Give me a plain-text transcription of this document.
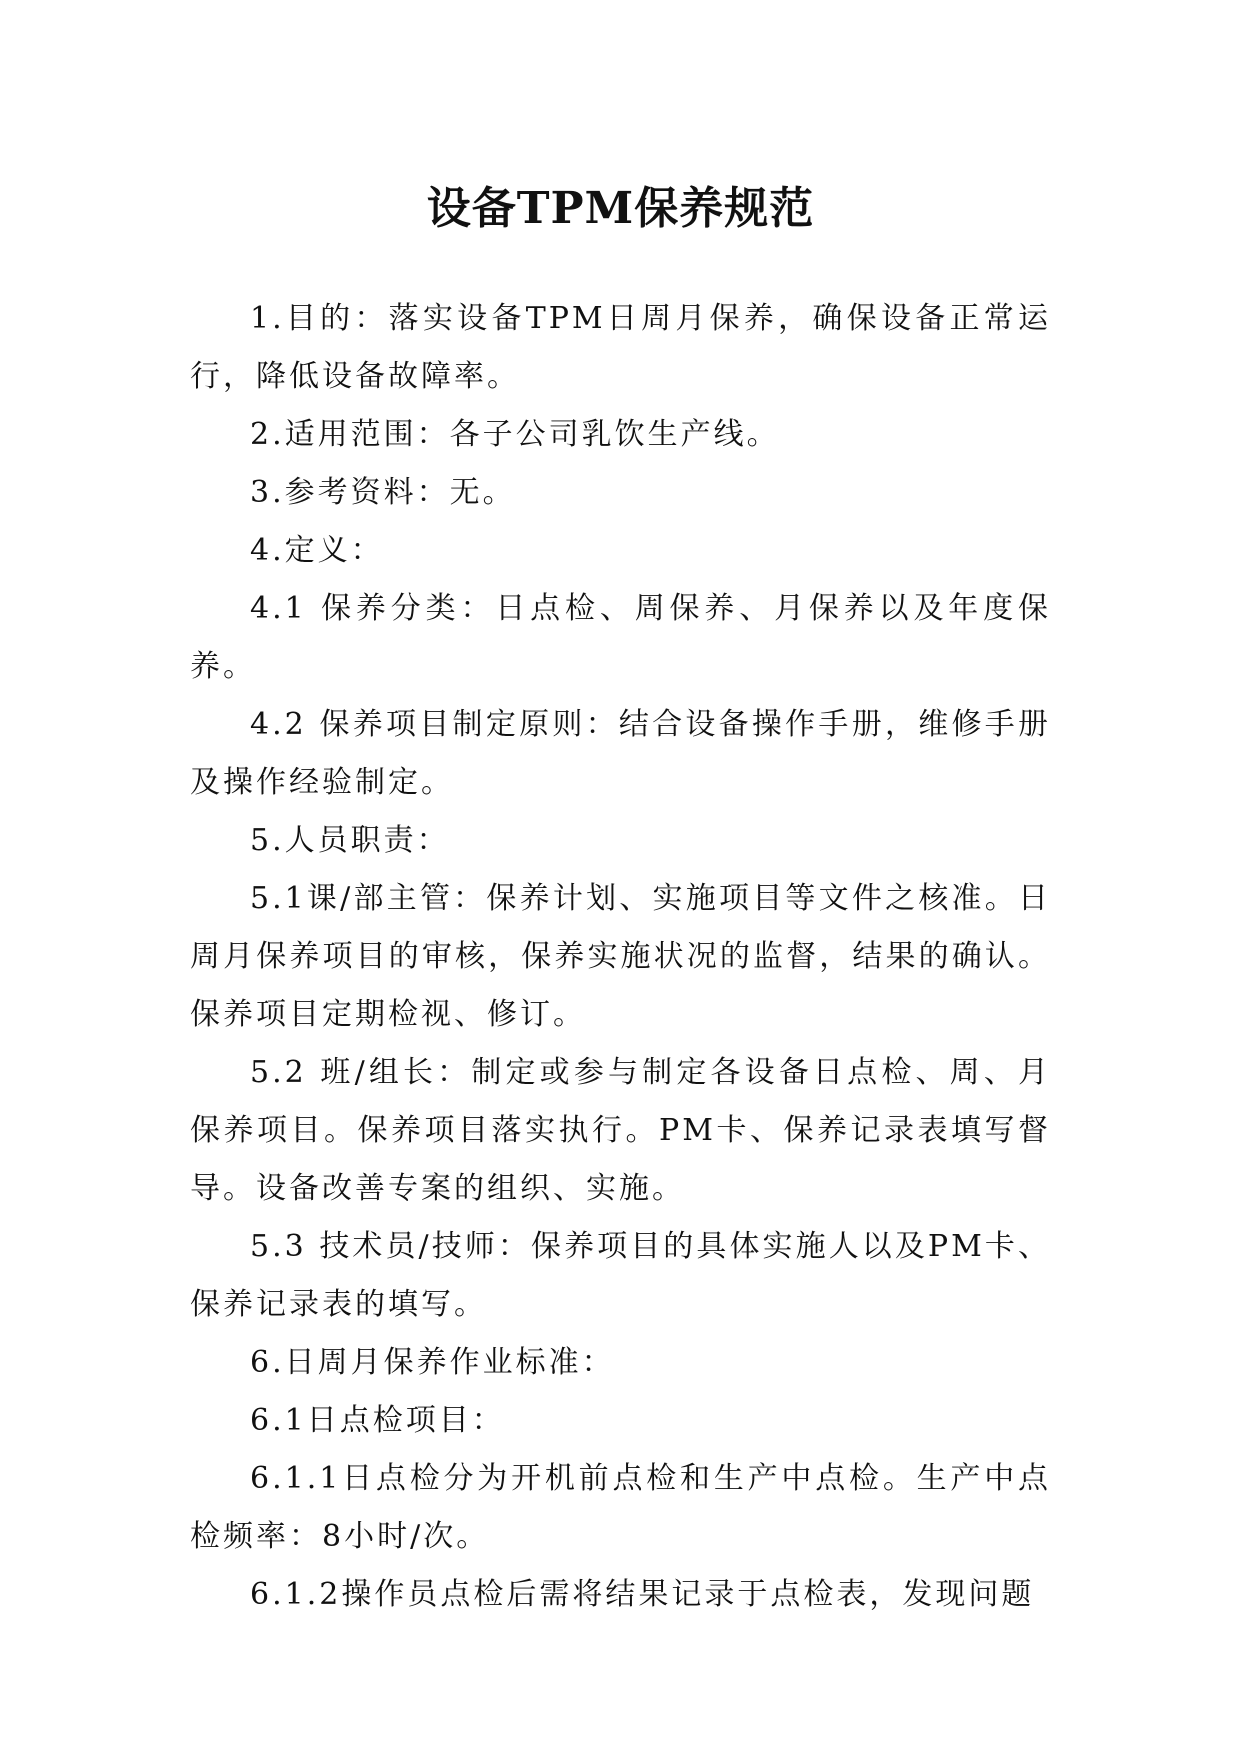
设备TPM保养规范

1.目的：落实设备TPM日周月保养，确保设备正常运行，降低设备故障率。

2.适用范围：各子公司乳饮生产线。

3.参考资料：无。

4.定义：

4.1 保养分类：日点检、周保养、月保养以及年度保养。

4.2 保养项目制定原则：结合设备操作手册，维修手册及操作经验制定。

5.人员职责：

5.1课/部主管：保养计划、实施项目等文件之核准。日周月保养项目的审核，保养实施状况的监督，结果的确认。保养项目定期检视、修订。

5.2 班/组长：制定或参与制定各设备日点检、周、月保养项目。保养项目落实执行。PM卡、保养记录表填写督导。设备改善专案的组织、实施。

5.3 技术员/技师：保养项目的具体实施人以及PM卡、保养记录表的填写。

6.日周月保养作业标准：

6.1日点检项目：

6.1.1日点检分为开机前点检和生产中点检。生产中点检频率：8小时/次。

6.1.2操作员点检后需将结果记录于点检表，发现问题
